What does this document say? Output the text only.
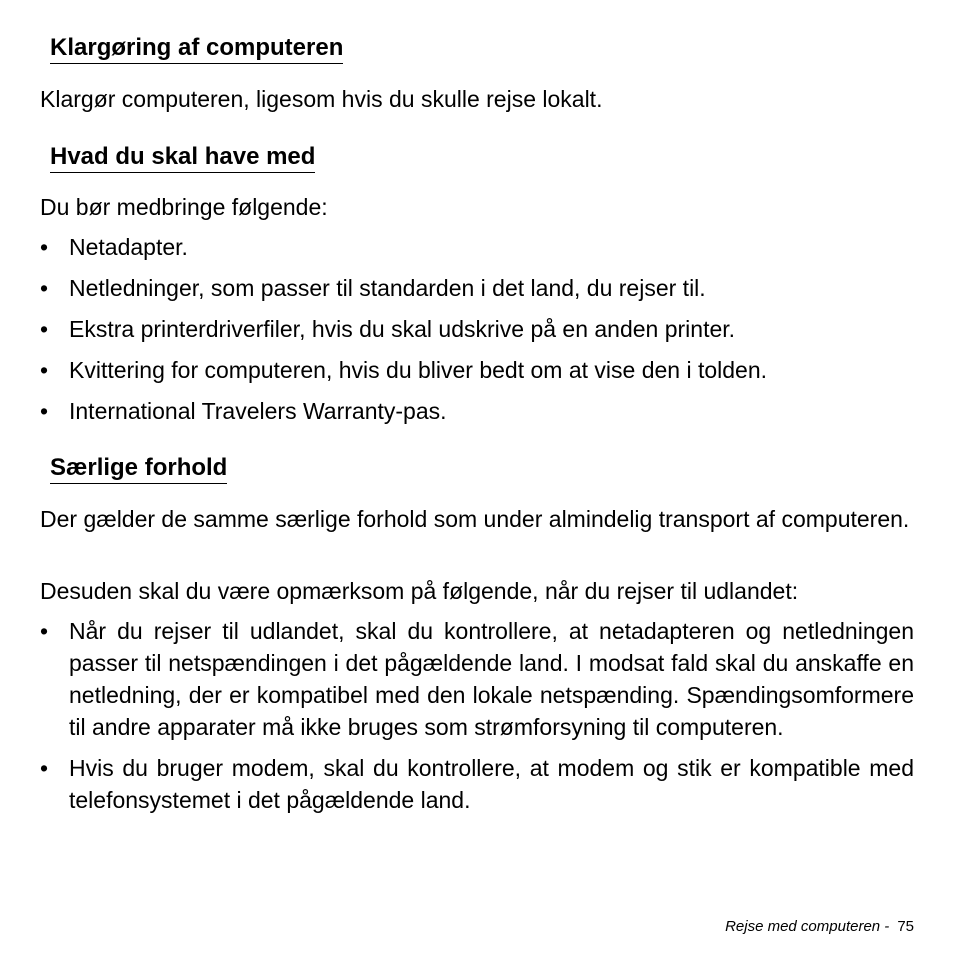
Klargøring af computeren

Klargør computeren, ligesom hvis du skulle rejse lokalt.

Hvad du skal have med

Du bør medbringe følgende:

• Netadapter.
• Netledninger, som passer til standarden i det land, du rejser til.
• Ekstra printerdriverfiler, hvis du skal udskrive på en anden printer.
• Kvittering for computeren, hvis du bliver bedt om at vise den i tolden.
• International Travelers Warranty-pas.
Særlige forhold

Der gælder de samme særlige forhold som under almindelig transport af computeren.

Desuden skal du være opmærksom på følgende, når du rejser til udlandet:

• Når du rejser til udlandet, skal du kontrollere, at netadapteren og netledningen passer til netspændingen i det pågældende land. I modsat fald skal du anskaffe en netledning, der er kompatibel med den lokale netspænding. Spændingsomformere til andre apparater må ikke bruges som strømforsyning til computeren.
• Hvis du bruger modem, skal du kontrollere, at modem og stik er kompatible med telefonsystemet i det pågældende land.
Rejse med computeren - 75
